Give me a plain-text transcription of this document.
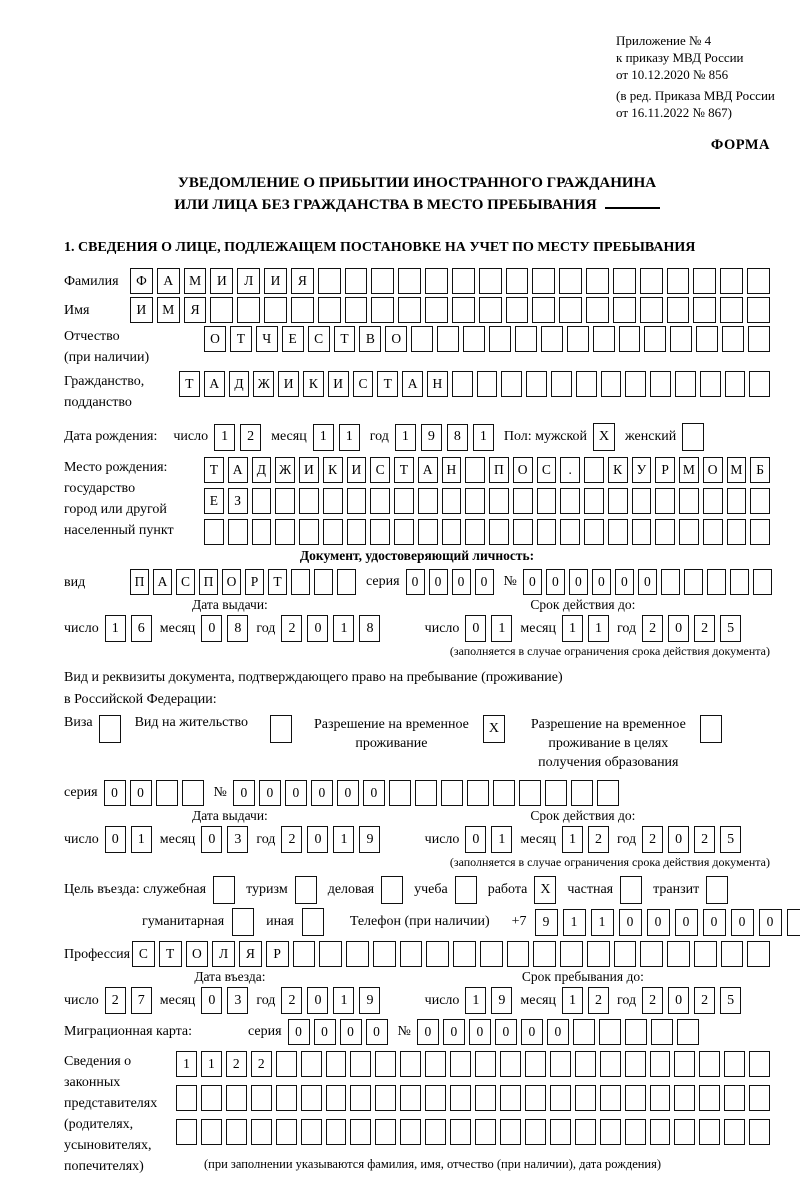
Приложение № 4
к приказу МВД России
от 10.12.2020 № 856
(в ред. Приказа МВД России
от 16.11.2022 № 867)
ФОРМА
УВЕДОМЛЕНИЕ О ПРИБЫТИИ ИНОСТРАННОГО ГРАЖДАНИНА
ИЛИ ЛИЦА БЕЗ ГРАЖДАНСТВА В МЕСТО ПРЕБЫВАНИЯ
1. СВЕДЕНИЯ О ЛИЦЕ, ПОДЛЕЖАЩЕМ ПОСТАНОВКЕ НА УЧЕТ ПО МЕСТУ ПРЕБЫВАНИЯ
Фамилия	Ф	А	М	И	Л	И	Я
Имя	И	М	Я
Отчество
(при наличии)
О	Т	Ч	Е	С	Т	В	О
Гражданство,
подданство
Т	А	Д	Ж	И	К	И	С	Т	А	Н
Дата рождения: число 1	2	месяц 1	1	год 1	9	8	1	Пол: мужской X	женский
Место рождения:
государство
город или другой
населенный пункт
Т	А	Д Ж И	К	И	С	Т	А	Н	П	О	С	.	К	У	Р	М О М	Б
Е	З
Документ, удостоверяющий личность:
вид	П А	С	П О	Р	Т	серия 0	0	0	0	№ 0	0	0	0	0	0
Дата выдачи:
число 1	6	месяц 0	8	год 2	0	1	8
Срок действия до:
число 0	1	месяц 1	1	год 2	0	2	5
(заполняется в случае ограничения срока действия документа)
Вид и реквизиты документа, подтверждающего право на пребывание (проживание)
в Российской Федерации:
Виза	Вид на жительство	Разрешение на временное
проживание
X	Разрешение на временное
проживание в целях
получения образования
серия	0	0	№	0	0	0	0	0	0
Дата выдачи:
число 0	1	месяц 0	3	год 2	0	1	9
Срок действия до:
число 0	1	месяц 1	2	год 2	0	2	5
(заполняется в случае ограничения срока действия документа)
Цель въезда: служебная	туризм	деловая	учеба	работа X	частная	транзит
гуманитарная	иная	Телефон (при наличии) +7	9	1	1	0	0	0	0	0	0
Профессия С	Т	О	Л	Я	Р
Дата въезда:
число 2	7	месяц 0	3	год 2	0	1	9
Срок пребывания до:
число 1	9	месяц 1	2	год 2	0	2	5
Миграционная карта:	серия	0	0	0	0	№	0	0	0	0	0	0
Сведения о
законных
представителях
(родителях,
усыновителях,
попечителях)
1	1	2	2
(при заполнении указываются фамилия, имя, отчество (при наличии), дата рождения)
